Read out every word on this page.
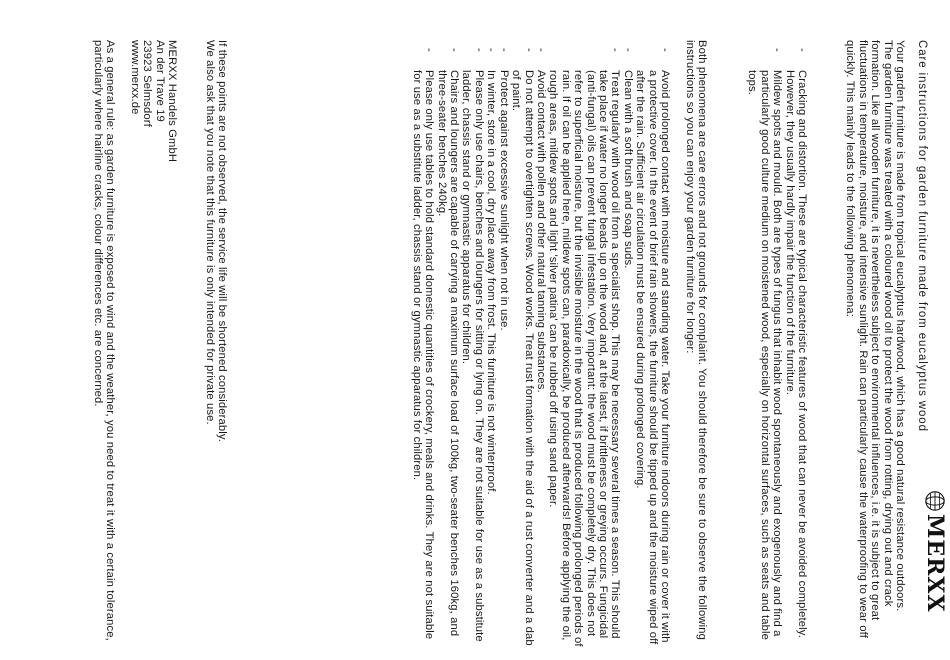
MERXX
Care instructions for garden furniture made from eucalyptus wood

Your garden furniture is made from tropical eucalyptus hardwood, which has a good natural resistance outdoors.

The garden furniture was treated with a coloured wood oil to protect the wood from rotting, drying out and crack formation. Like all wooden furniture, it is nevertheless subject to environmental influences, i.e. it is subject to great fluctuations in temperature, moisture, and intensive sunlight. Rain can particularly cause the waterproofing to wear off quickly. This mainly leads to the following phenomena:

- Cracking and distortion. These are typical characteristic features of wood that can never be avoided completely. However, they usually hardly impair the function of the furniture.
- Mildew spots and mould. Both are types of fungus that inhabit wood spontaneously and exogenously and find a particularly good culture medium on moistened wood, especially on horizontal surfaces, such as seats and table tops.

Both phenomena are care errors and not grounds for complaint. You should therefore be sure to observe the following instructions so you can enjoy your garden furniture for longer:

- Avoid prolonged contact with moisture and standing water. Take your furniture indoors during rain or cover it with a protective cover. In the event of brief rain showers, the furniture should be tipped up and the moisture wiped off after the rain. Sufficient air circulation must be ensured during prolonged covering.
- Clean with a soft brush and soap suds.
- Treat regularly with wood oil from a specialist shop. This may be necessary several times a season. This should take place if water no longer beads up on the wood and, at the latest, if brittleness or greying occurs. Fungicidal (anti-fungal) oils can prevent fungal infestation. Very important: the wood must be completely dry. This does not refer to superficial moisture, but the invisible moisture in the wood that is produced following prolonged periods of rain. If oil can be applied here, mildew spots can, paradoxically, be produced afterwards! Before applying the oil, rough areas, mildew spots and light 'silver patina' can be rubbed off using sand paper.
- Avoid contact with pollen and other natural tanning substances.
- Do not attempt to overtighten screws. Wood works. Treat rust formation with the aid of a rust converter and a dab of paint.
- Protect against excessive sunlight when not in use.
- In winter, store in a cool, dry place away from frost. This furniture is not winterproof.
- Please only use chairs, benches and loungers for sitting or lying on. They are not suitable for use as a substitute ladder, chassis stand or gymnastic apparatus for children.
- Chairs and loungers are capable of carrying a maximum surface load of 100kg, two-seater benches 160kg, and three-seater benches 240kg.
- Please only use tables to hold standard domestic quantities of crockery, meals and drinks. They are not suitable for use as a substitute ladder, chassis stand or gymnastic apparatus for children.

If these points are not observed, the service life will be shortened considerably.

We also ask that you note that this furniture is only intended for private use.

MERXX Handels GmbH

An der Trave 19

23923 Selmsdorf

www.merxx.de

As a general rule: as garden furniture is exposed to wind and the weather, you need to treat it with a certain tolerance, particularly where hairline cracks, colour differences etc. are concerned.
